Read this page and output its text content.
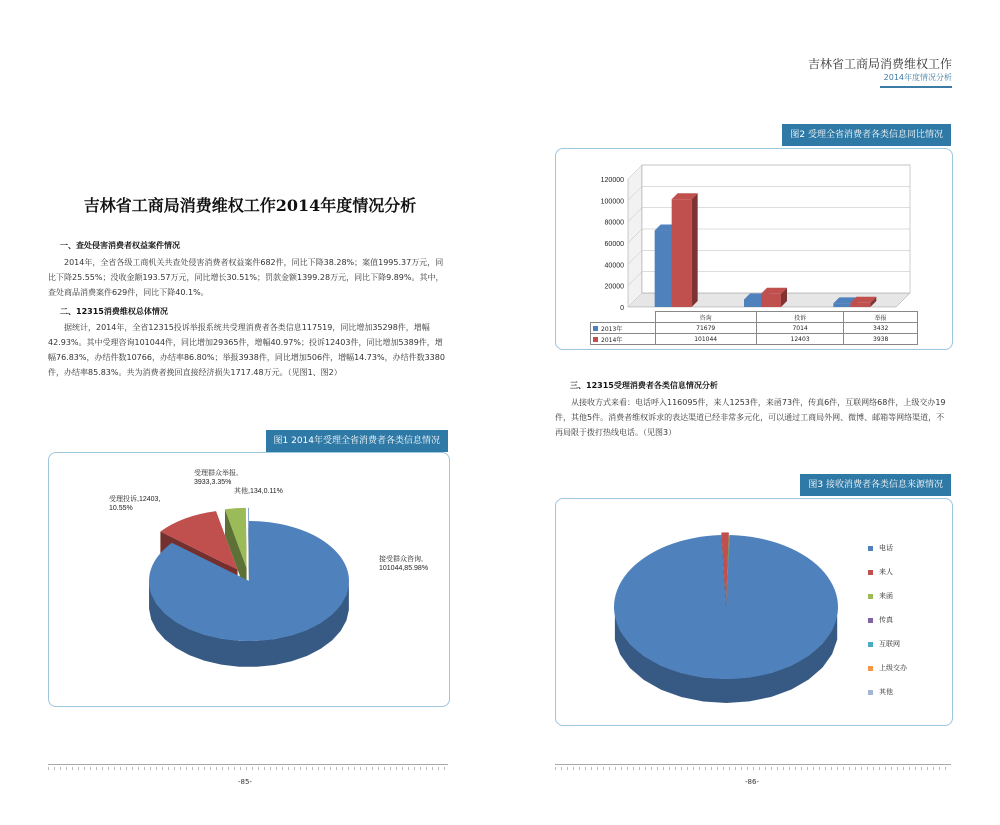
吉林省工商局消费维权工作
2014年度情况分析
吉林省工商局消费维权工作2014年度情况分析
一、查处侵害消费者权益案件情况
2014年，全省各级工商机关共查处侵害消费者权益案件682件，同比下降38.28%；案值1995.37万元，同比下降25.55%；没收金额193.57万元，同比增长30.51%；罚款金额1399.28万元，同比下降9.89%。其中，查处商品消费案件629件，同比下降40.1%。
二、12315消费维权总体情况
据统计，2014年，全省12315投诉举报系统共受理消费者各类信息117519，同比增加35298件，增幅42.93%。其中受理咨询101044件，同比增加29365件，增幅40.97%；投诉12403件，同比增加5389件，增幅76.83%，办结件数10766，办结率86.80%；举报3938件，同比增加506件，增幅14.73%，办结件数3380件，办结率85.83%。共为消费者挽回直接经济损失1717.48万元。（见图1、图2）
图1 2014年受理全省消费者各类信息情况
接受群众咨询, 101044,85.98%
受理投诉,12403, 10.55%
受理群众举报, 3933,3.35%
其他,134,0.11%
-85-
图2 受理全省消费者各类信息同比情况
0
20000
40000
60000
80000
100000
120000
	咨询	投诉	举报
2013年	71679	7014	3432
2014年	101044	12403	3938
三、12315受理消费者各类信息情况分析
从接收方式来看：电话呼入116095件，来人1253件，来函73件，传真6件，互联网络68件，上级交办19件，其他5件。消费者维权诉求的表达渠道已经非常多元化，可以通过工商局外网、微博、邮箱等网络渠道，不再局限于拨打热线电话。（见图3）
图3 接收消费者各类信息来源情况
电话
来人
来函
传真
互联网
上级交办
其他
-86-
